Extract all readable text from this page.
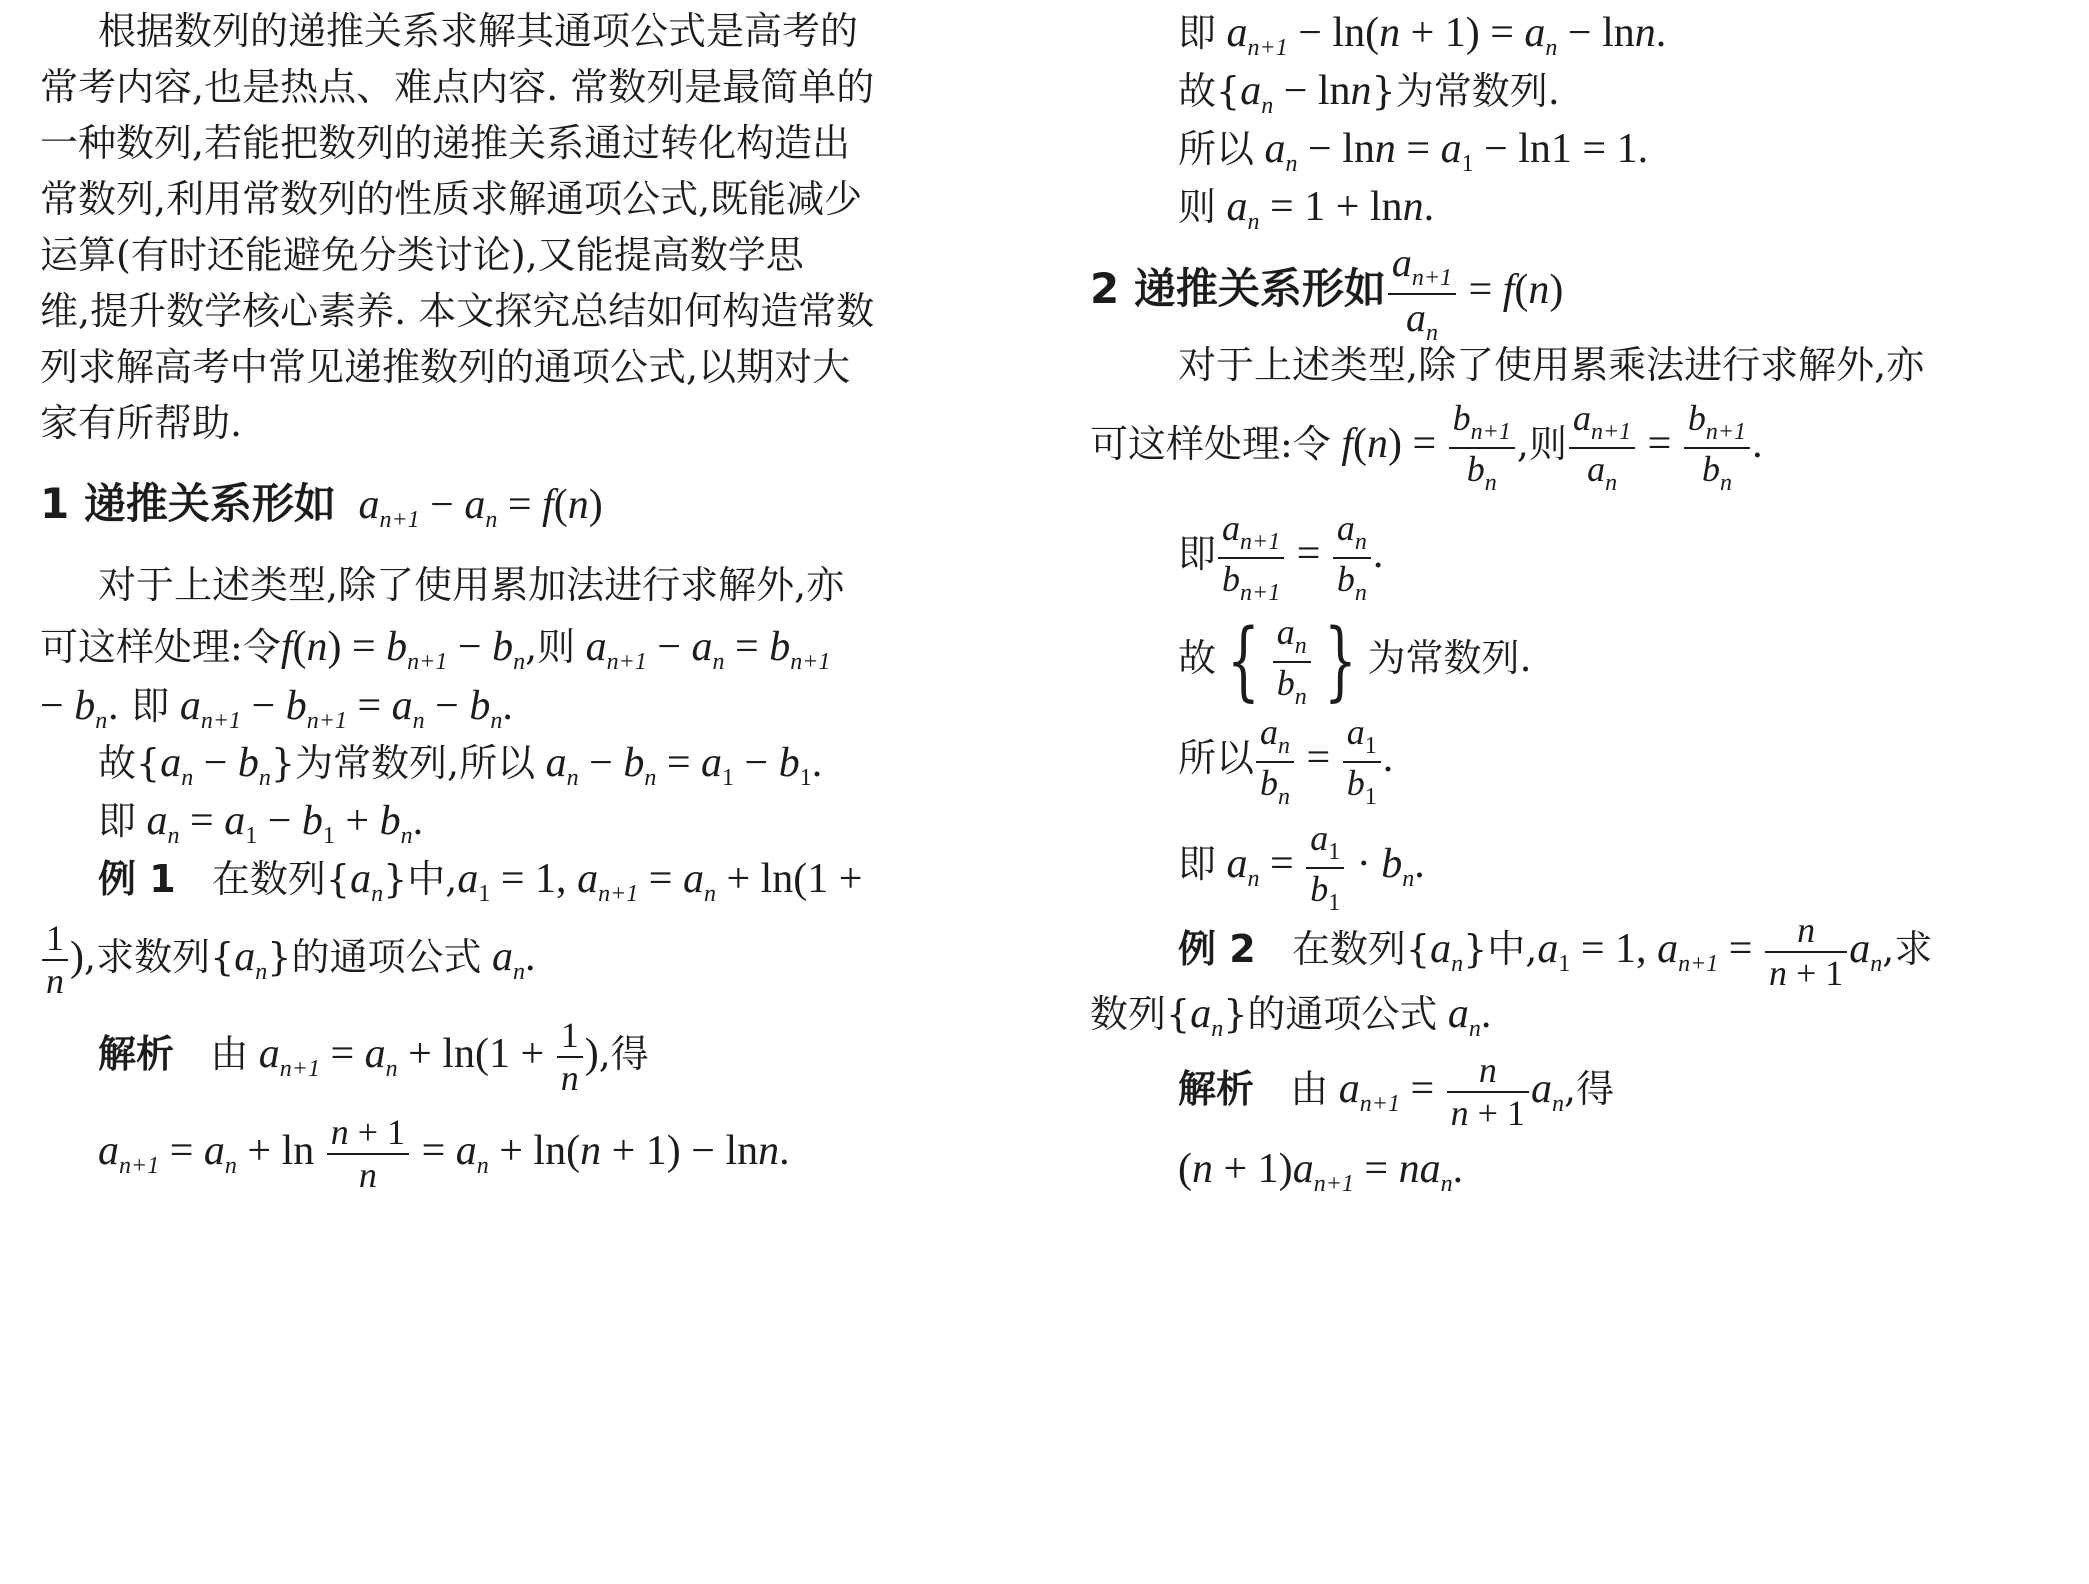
根据数列的递推关系求解其通项公式是高考的
常考内容,也是热点、难点内容. 常数列是最简单的
一种数列,若能把数列的递推关系通过转化构造出
常数列,利用常数列的性质求解通项公式,既能减少
运算(有时还能避免分类讨论),又能提高数学思
维,提升数学核心素养. 本文探究总结如何构造常数
列求解高考中常见递推数列的通项公式,以期对大
家有所帮助.
1 递推关系形如 $a_{n+1} - a_n = f(n)$
对于上述类型,除了使用累加法进行求解外,亦
可这样处理:令$f(n) = b_{n+1} - b_n$,则 $a_{n+1} - a_n = b_{n+1}$
− $b_n$. 即 $a_{n+1} - b_{n+1} = a_n - b_n$.
故$\{a_n - b_n\}$为常数列,所以 $a_n - b_n = a_1 - b_1$.
即 $a_n = a_1 - b_1 + b_n$.
例 1 在数列$\{a_n\}$中$,a_1 = 1$, $a_{n+1} = a_n + \ln(1$ +
$\frac{1}{n}$ ),求数列$\{a_n\}$的通项公式 $a_n$.
解析 由 $a_{n+1} = a_n + \ln(1 + \frac{1}{n}$ ),得
$a_{n+1} = a_n + \ln \frac{n + 1}{n} = a_n + \ln(n + 1) - \ln n$.
即 $a_{n+1} - \ln(n + 1) = a_n - \ln n$.
故$\{a_n - \ln n\}$为常数列.
所以 $a_n - \ln n = a_1 - \ln 1 = 1$.
则 $a_n = 1 + \ln n$.
2 递推关系形如 $\frac{a_{n+1}}{a_n} = f(n)$
对于上述类型,除了使用累乘法进行求解外,亦
可这样处理:令 $f(n) = \frac{b_{n+1}}{b_n}$ ,则 $\frac{a_{n+1}}{a_n} = \frac{b_{n+1}}{b_n}$ .
即 $\frac{a_{n+1}}{b_{n+1}} = \frac{a_n}{b_n}$ .
故 { $\frac{a_n}{b_n}$ } 为常数列.
所以 $\frac{a_n}{b_n} = \frac{a_1}{b_1}$ .
即 $a_n = \frac{a_1}{b_1} \cdot b_n$.
例 2 在数列$\{a_n\}$中$,a_1 = 1$, $a_{n+1} = \frac{n}{n + 1} a_n$,求
数列$\{a_n\}$的通项公式 $a_n$.
解析 由 $a_{n+1} = \frac{n}{n + 1} a_n$,得
$(n + 1)a_{n+1} = na_n$.
